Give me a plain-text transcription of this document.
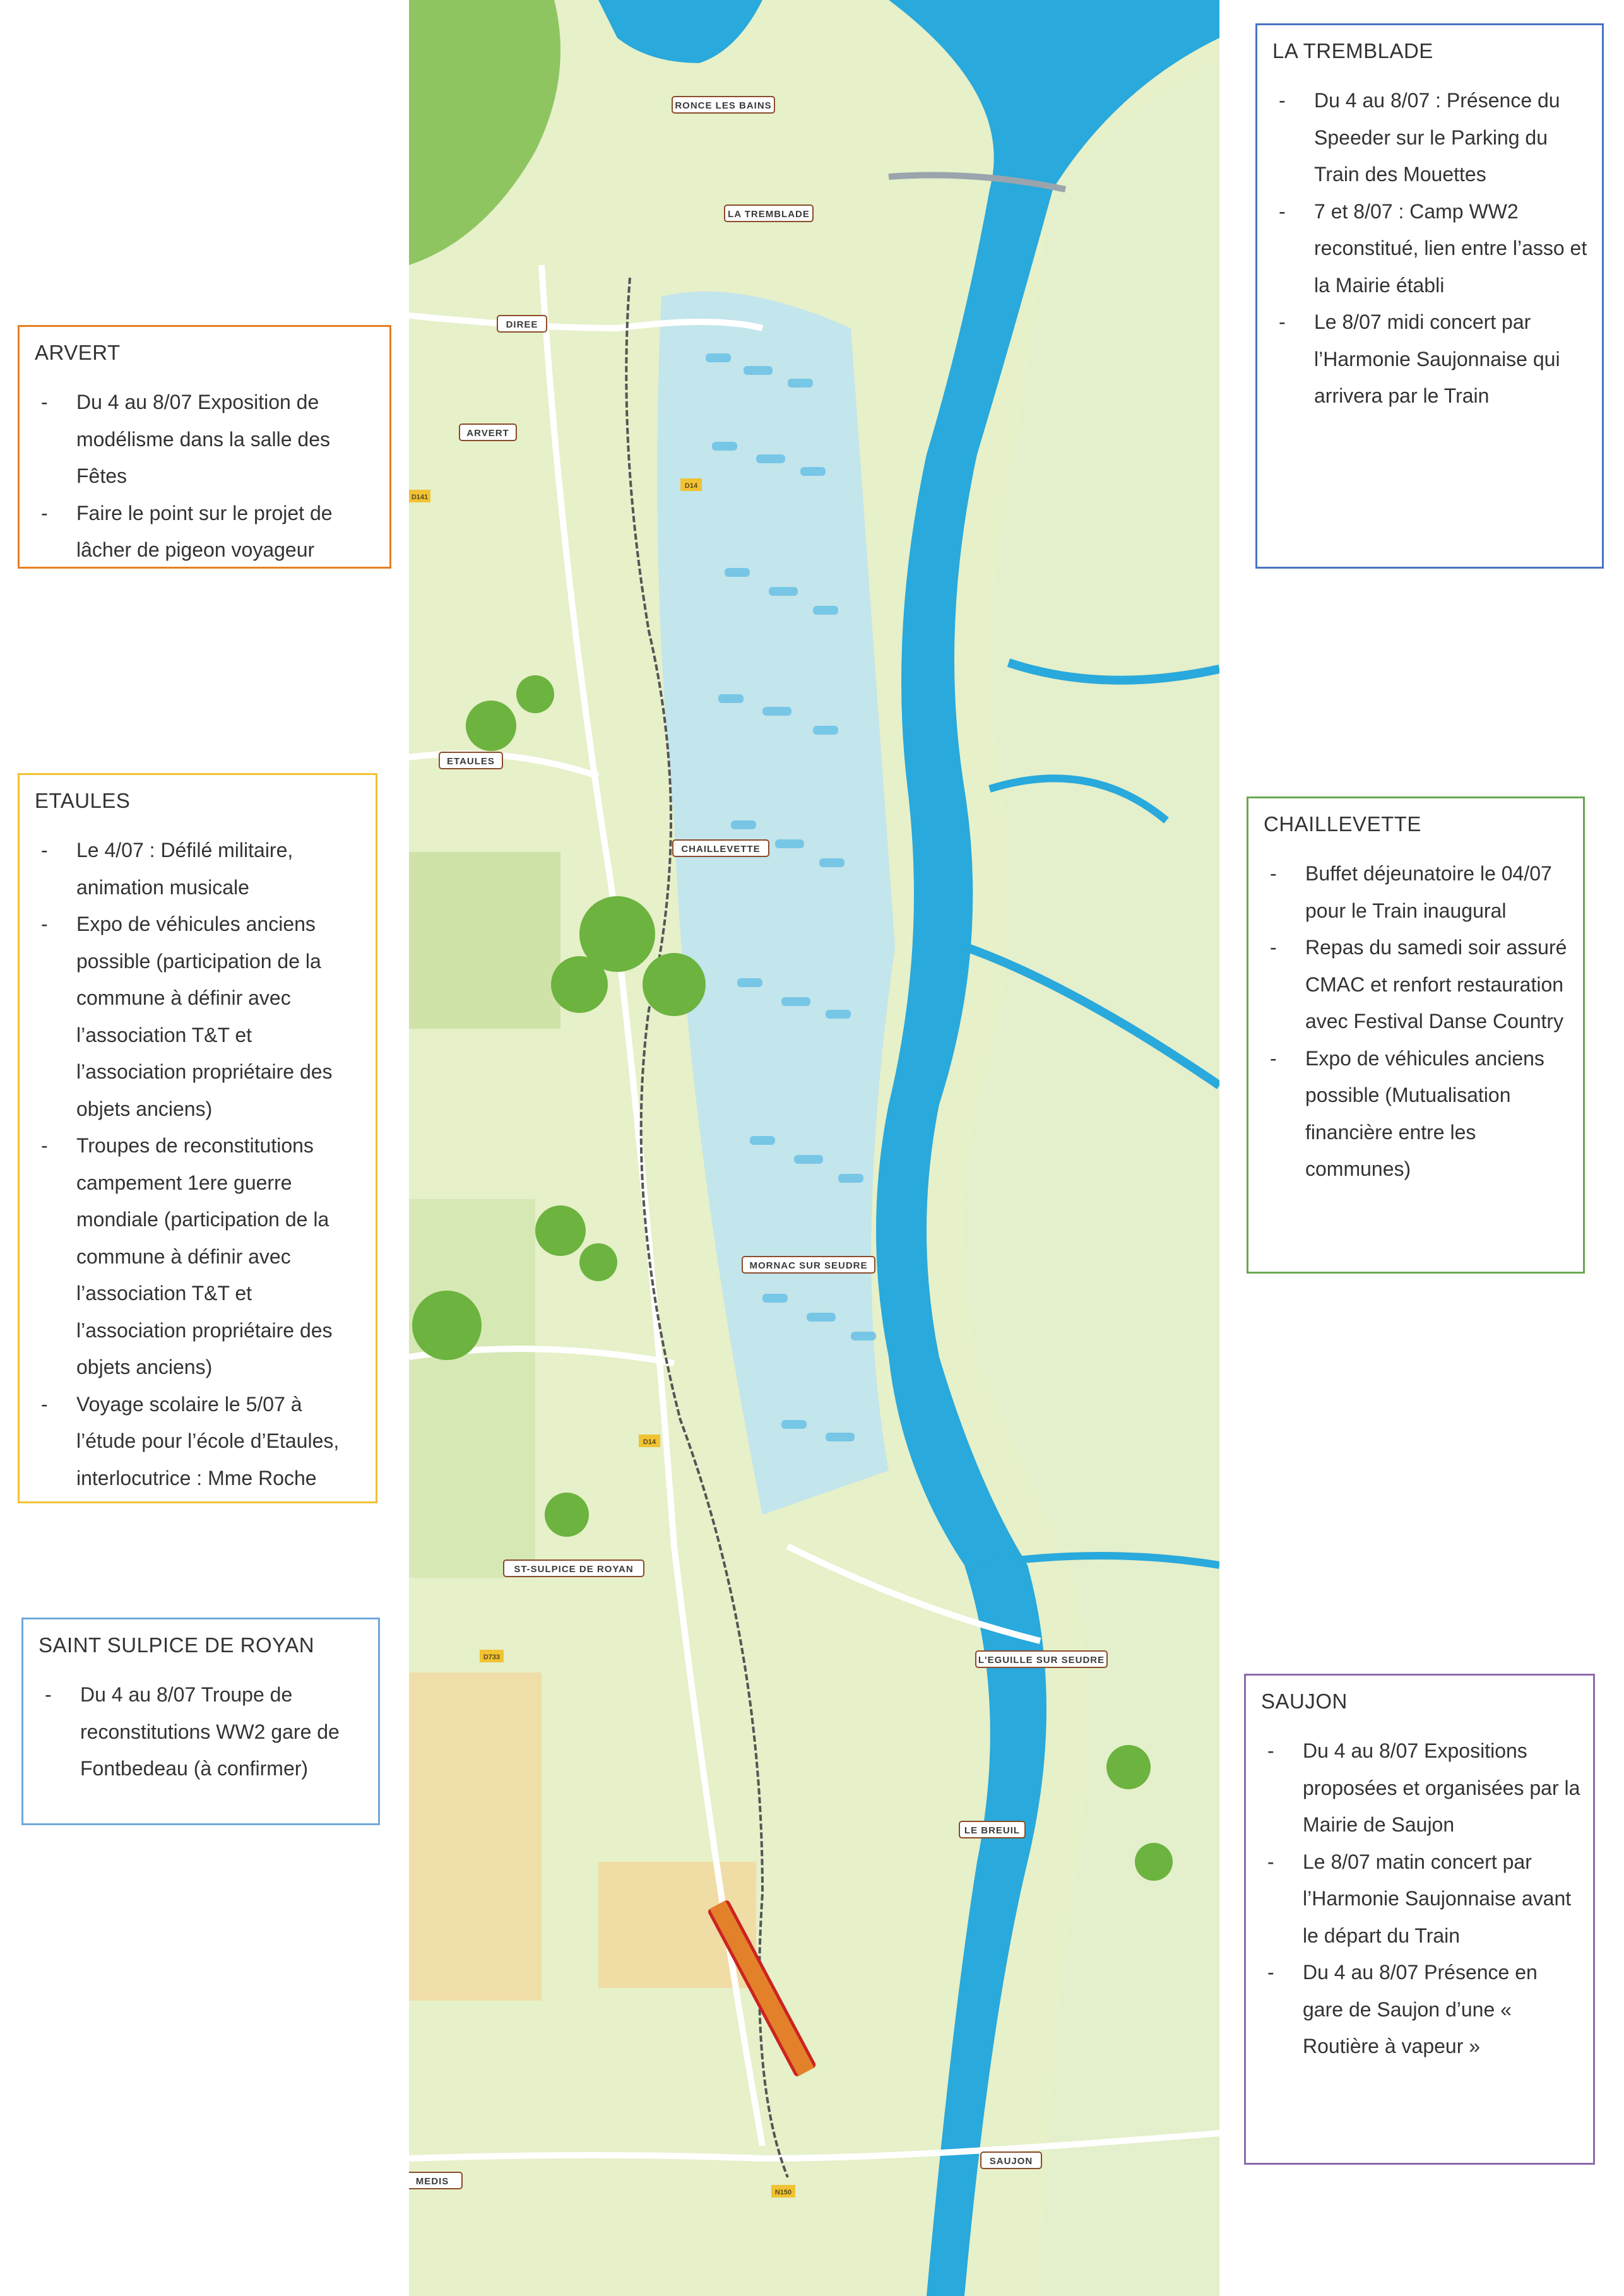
RONCE LES BAINS
LA TREMBLADE
DIREE
ARVERT
ETAULES
CHAILLEVETTE
MORNAC SUR SEUDRE
ST-SULPICE DE ROYAN
L'EGUILLE SUR SEUDRE
LE BREUIL
SAUJON
MEDIS
D14
D141
D14
D733
N150
ARVERT
- Du 4 au 8/07 Exposition de modélisme dans la salle des Fêtes
- Faire le point sur le projet de lâcher de pigeon voyageur
ETAULES
- Le 4/07 : Défilé militaire, animation musicale
- Expo de véhicules anciens possible (participation de la commune à définir avec l’association T&T et l’association propriétaire des objets anciens)
- Troupes de reconstitutions campement 1ere guerre mondiale (participation de la commune à définir avec l’association T&T et l’association propriétaire des objets anciens)
- Voyage scolaire le 5/07 à l’étude pour l’école d’Etaules, interlocutrice : Mme Roche
SAINT SULPICE DE ROYAN
- Du 4 au 8/07 Troupe de reconstitutions WW2 gare de Fontbedeau (à confirmer)
LA TREMBLADE
- Du 4 au 8/07 : Présence du Speeder sur le Parking du Train des Mouettes
- 7 et 8/07 : Camp WW2 reconstitué, lien entre l’asso et la Mairie établi
- Le 8/07 midi concert par l’Harmonie Saujonnaise qui arrivera par le Train
CHAILLEVETTE
- Buffet déjeunatoire le 04/07 pour le Train inaugural
- Repas du samedi soir assuré CMAC et renfort restauration avec Festival Danse Country
- Expo de véhicules anciens possible (Mutualisation financière entre les communes)
SAUJON
- Du 4 au 8/07 Expositions proposées et organisées par la Mairie de Saujon
- Le 8/07 matin concert par l’Harmonie Saujonnaise avant le départ du Train
- Du 4 au 8/07 Présence en gare de Saujon d’une « Routière à vapeur »
